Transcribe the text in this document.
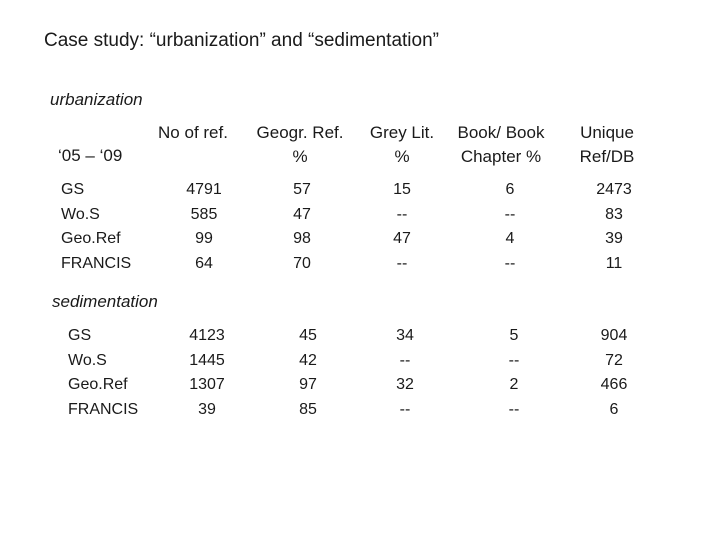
Case study: “urbanization” and “sedimentation”
urbanization
No of ref.	Geogr. Ref.
%
Grey Lit.
%
Book/ Book
Chapter %
Unique
Ref/DB
‘05 – ‘09
GS
Wo.S
Geo.Ref
FRANCIS
4791
585
99
64
57
47
98
70
15
--
47
--
6
--
4
--
2473
83
39
11
sedimentation
GS
Wo.S
Geo.Ref
FRANCIS
4123
1445
1307
39
45
42
97
85
34
--
32
--
5
--
2
--
904
72
466
6
